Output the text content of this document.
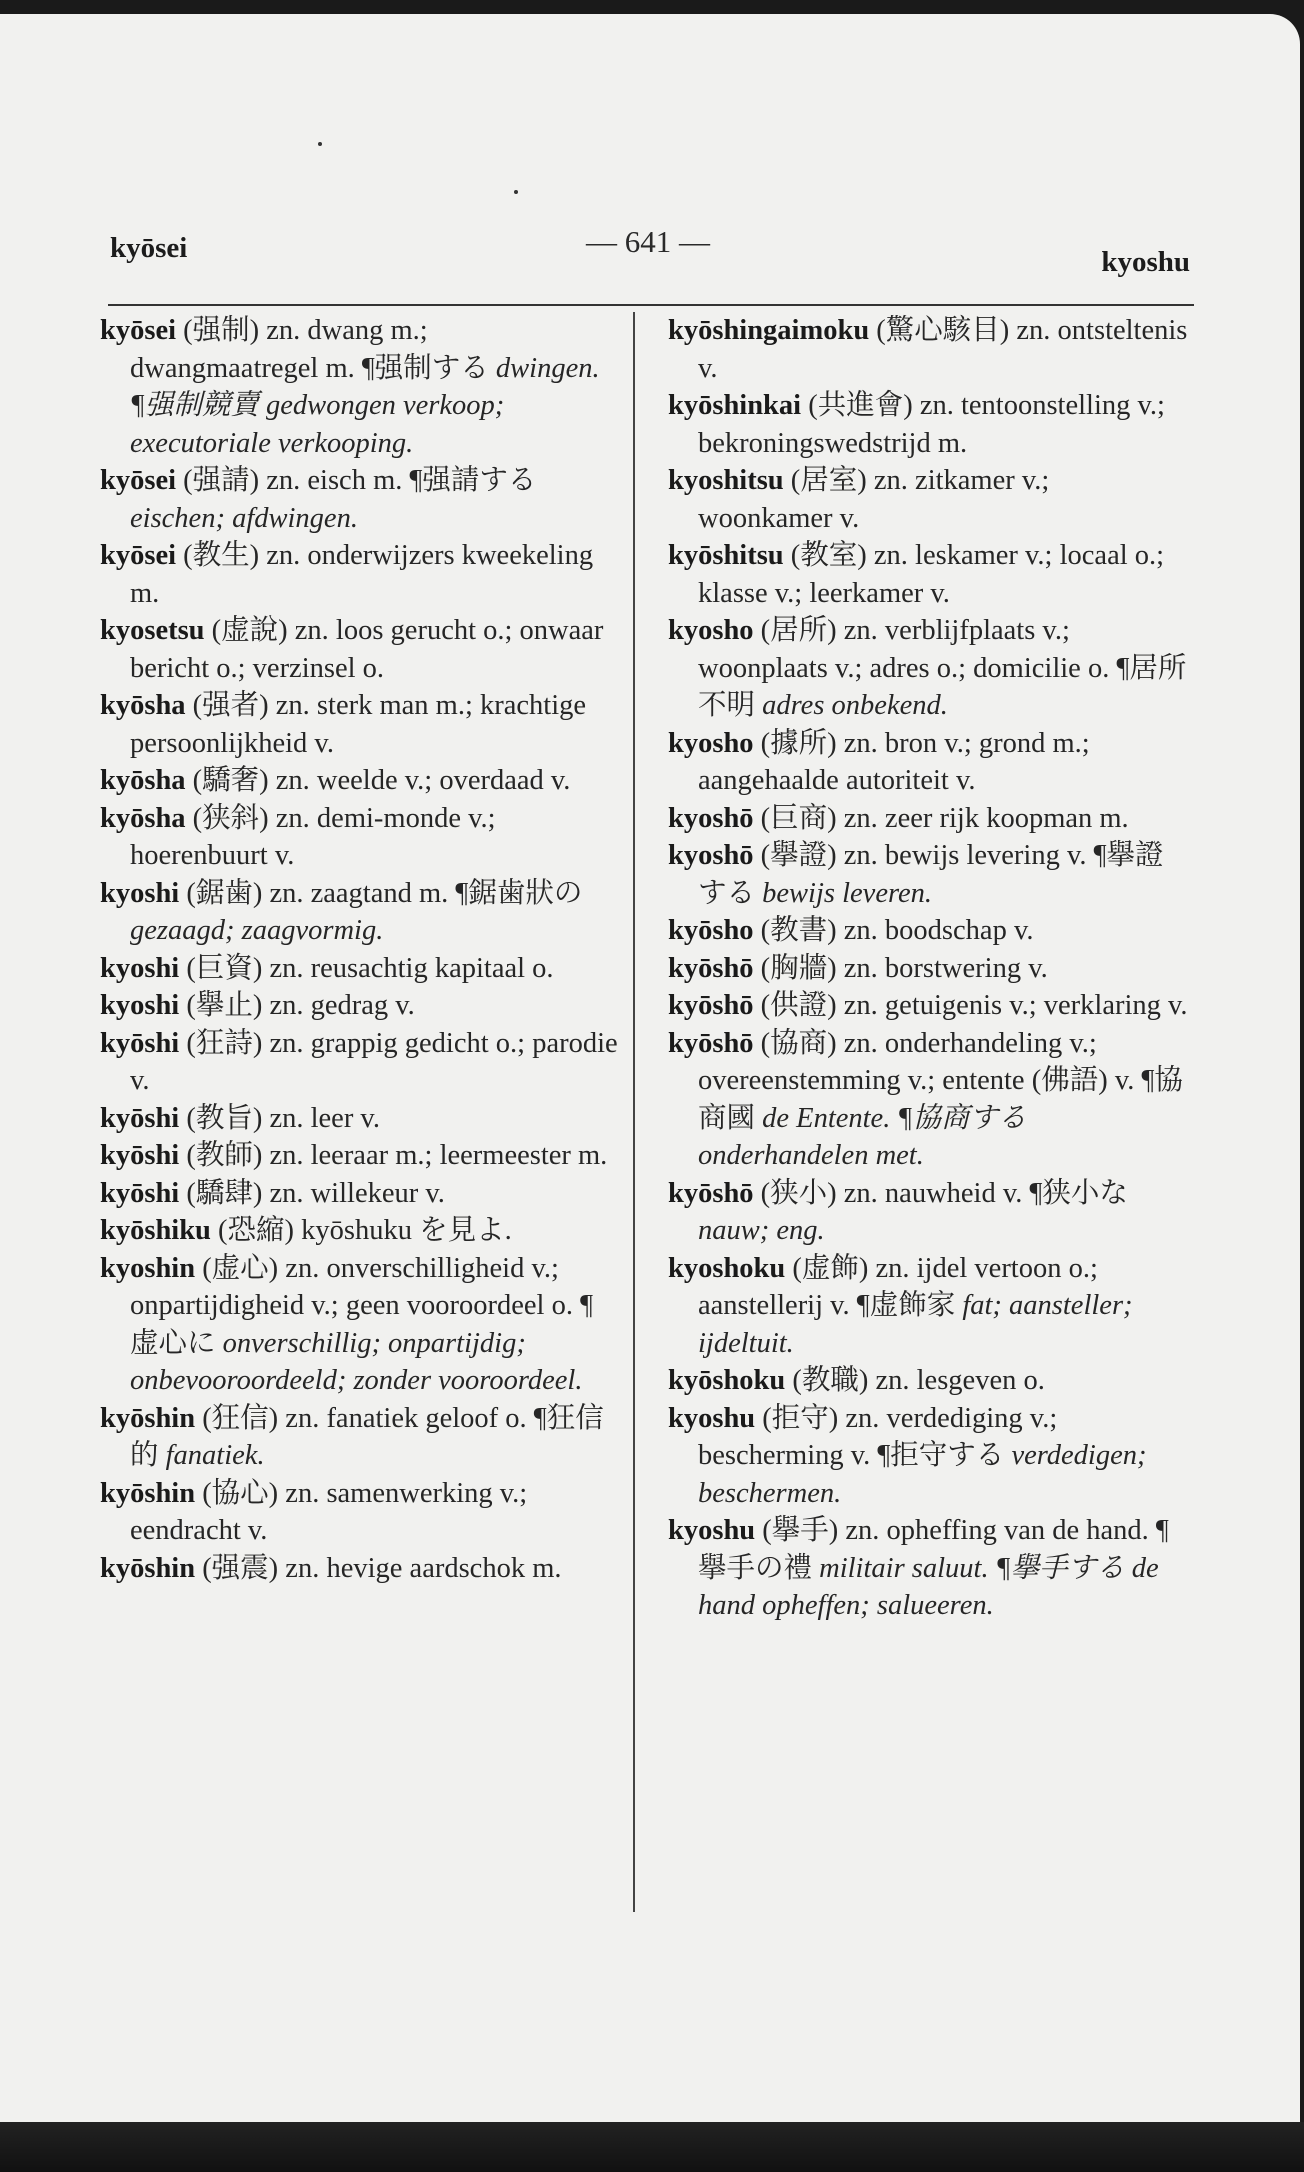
kyōsei	— 641 —
kyoshu

kyōsei (强制) zn. dwang m.; dwangmaatregel m. ¶强制する dwingen. ¶强制競賣 gedwongen verkoop; executoriale verkooping.

kyōsei (强請) zn. eisch m. ¶强請する eischen; afdwingen.

kyōsei (教生) zn. onderwijzers kweekeling m.

kyosetsu (虚說) zn. loos gerucht o.; onwaar bericht o.; verzinsel o.

kyōsha (强者) zn. sterk man m.; krachtige persoonlijkheid v.

kyōsha (驕奢) zn. weelde v.; overdaad v.

kyōsha (狭斜) zn. demi-monde v.; hoerenbuurt v.

kyoshi (鋸歯) zn. zaagtand m. ¶鋸歯狀の gezaagd; zaagvormig.

kyoshi (巨資) zn. reusachtig kapitaal o.

kyoshi (擧止) zn. gedrag v.

kyōshi (狂詩) zn. grappig gedicht o.; parodie v.

kyōshi (教旨) zn. leer v.

kyōshi (教師) zn. leeraar m.; leermeester m.

kyōshi (驕肆) zn. willekeur v.

kyōshiku (恐縮) kyōshuku を見よ.

kyoshin (虚心) zn. onverschilligheid v.; onpartijdigheid v.; geen vooroordeel o. ¶虚心に onverschillig; onpartijdig; onbevooroordeeld; zonder vooroordeel.

kyōshin (狂信) zn. fanatiek geloof o. ¶狂信的 fanatiek.

kyōshin (協心) zn. samenwerking v.; eendracht v.

kyōshin (强震) zn. hevige aardschok m.

kyōshingaimoku (驚心駭目) zn. ontsteltenis v.

kyōshinkai (共進會) zn. tentoonstelling v.; bekroningswedstrijd m.

kyoshitsu (居室) zn. zitkamer v.; woonkamer v.

kyōshitsu (教室) zn. leskamer v.; locaal o.; klasse v.; leerkamer v.

kyosho (居所) zn. verblijfplaats v.; woonplaats v.; adres o.; domicilie o. ¶居所不明 adres onbekend.

kyosho (據所) zn. bron v.; grond m.; aangehaalde autoriteit v.

kyoshō (巨商) zn. zeer rijk koopman m.

kyoshō (擧證) zn. bewijs levering v. ¶擧證する bewijs leveren.

kyōsho (教書) zn. boodschap v.

kyōshō (胸牆) zn. borstwering v.

kyōshō (供證) zn. getuigenis v.; verklaring v.

kyōshō (協商) zn. onderhandeling v.; overeenstemming v.; entente (佛語) v. ¶協商國 de Entente. ¶協商する onderhandelen met.

kyōshō (狭小) zn. nauwheid v. ¶狭小な nauw; eng.

kyoshoku (虚飾) zn. ijdel vertoon o.; aanstellerij v. ¶虚飾家 fat; aansteller; ijdeltuit.

kyōshoku (教職) zn. lesgeven o.

kyoshu (拒守) zn. verdediging v.; bescherming v. ¶拒守する verdedigen; beschermen.

kyoshu (擧手) zn. opheffing van de hand. ¶擧手の禮 militair saluut. ¶擧手する de hand opheffen; salueeren.
